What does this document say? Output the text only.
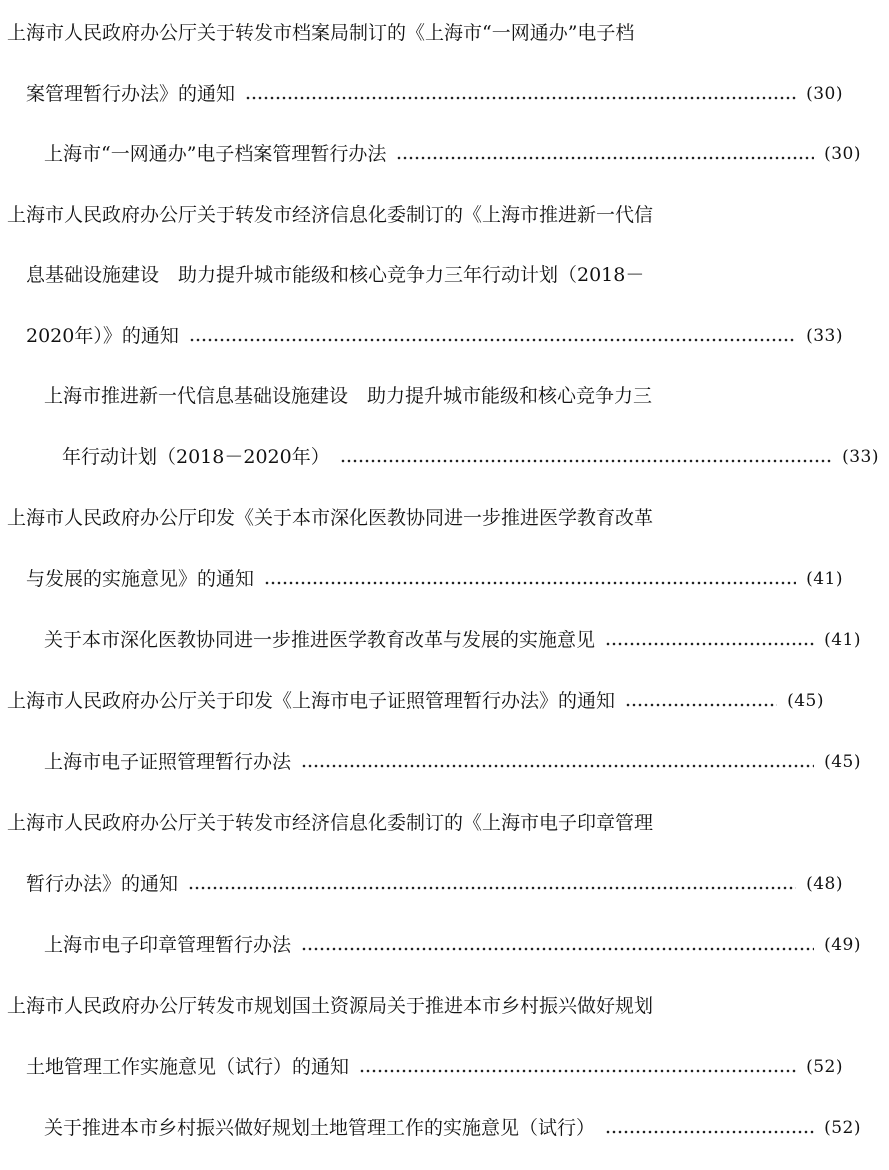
上海市人民政府办公厅关于转发市档案局制订的《上海市“一网通办”电子档
案管理暂行办法》的通知	(30)
上海市“一网通办”电子档案管理暂行办法	(30)
上海市人民政府办公厅关于转发市经济信息化委制订的《上海市推进新一代信
息基础设施建设　助力提升城市能级和核心竞争力三年行动计划（2018－
2020年）》的通知	(33)
上海市推进新一代信息基础设施建设　助力提升城市能级和核心竞争力三
年行动计划（2018－2020年）	(33)
上海市人民政府办公厅印发《关于本市深化医教协同进一步推进医学教育改革
与发展的实施意见》的通知	(41)
关于本市深化医教协同进一步推进医学教育改革与发展的实施意见	(41)
上海市人民政府办公厅关于印发《上海市电子证照管理暂行办法》的通知	(45)
上海市电子证照管理暂行办法	(45)
上海市人民政府办公厅关于转发市经济信息化委制订的《上海市电子印章管理
暂行办法》的通知	(48)
上海市电子印章管理暂行办法	(49)
上海市人民政府办公厅转发市规划国土资源局关于推进本市乡村振兴做好规划
土地管理工作实施意见（试行）的通知	(52)
关于推进本市乡村振兴做好规划土地管理工作的实施意见（试行）	(52)
